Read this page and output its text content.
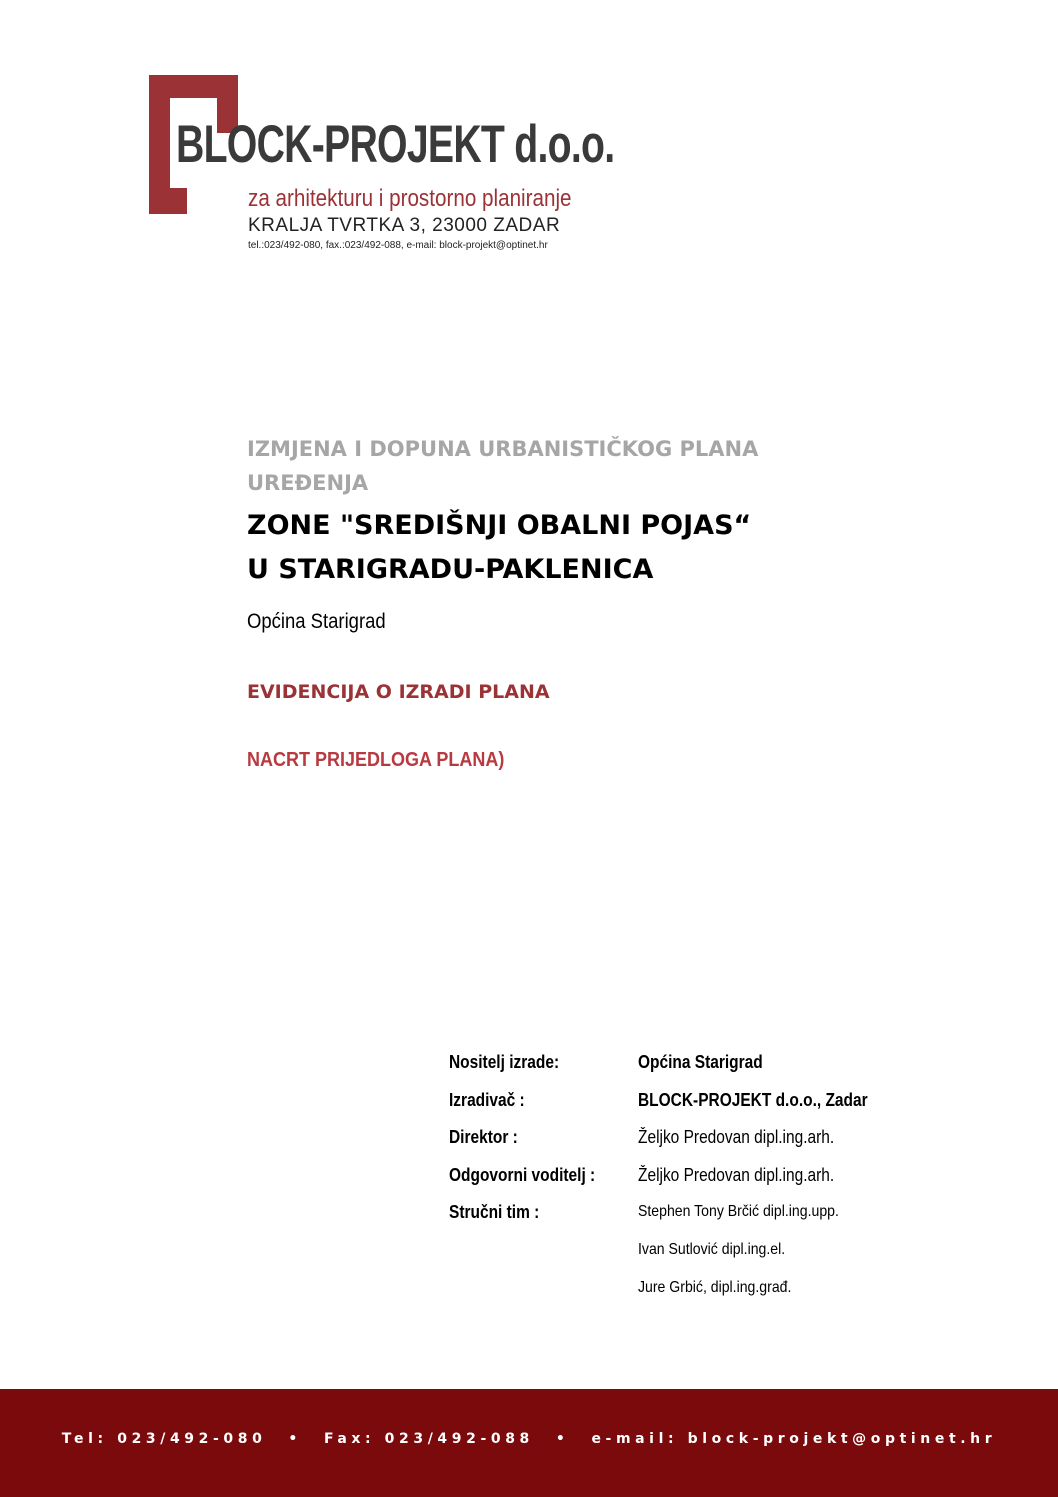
BLOCK-PROJEKT d.o.o.
za arhitekturu i prostorno planiranje
KRALJA TVRTKA 3, 23000 ZADAR
tel.:023/492-080, fax.:023/492-088, e-mail: block-projekt@optinet.hr
IZMJENA I DOPUNA URBANISTIČKOG PLANA
UREĐENJA
ZONE "SREDIŠNJI OBALNI POJAS“
U STARIGRADU-PAKLENICA
Općina Starigrad
EVIDENCIJA O IZRADI PLANA
NACRT PRIJEDLOGA PLANA)
Nositelj izrade:	Općina Starigrad
Izradivač :	BLOCK-PROJEKT d.o.o., Zadar
Direktor :	Željko Predovan dipl.ing.arh.
Odgovorni voditelj : Željko Predovan dipl.ing.arh.
Stručni tim :	Stephen Tony Brčić dipl.ing.upp.
Ivan Sutlović dipl.ing.el.
Jure Grbić, dipl.ing.građ.
Tel: 023/492-080 • Fax: 023/492-088 • e-mail: block-projekt@optinet.hr
